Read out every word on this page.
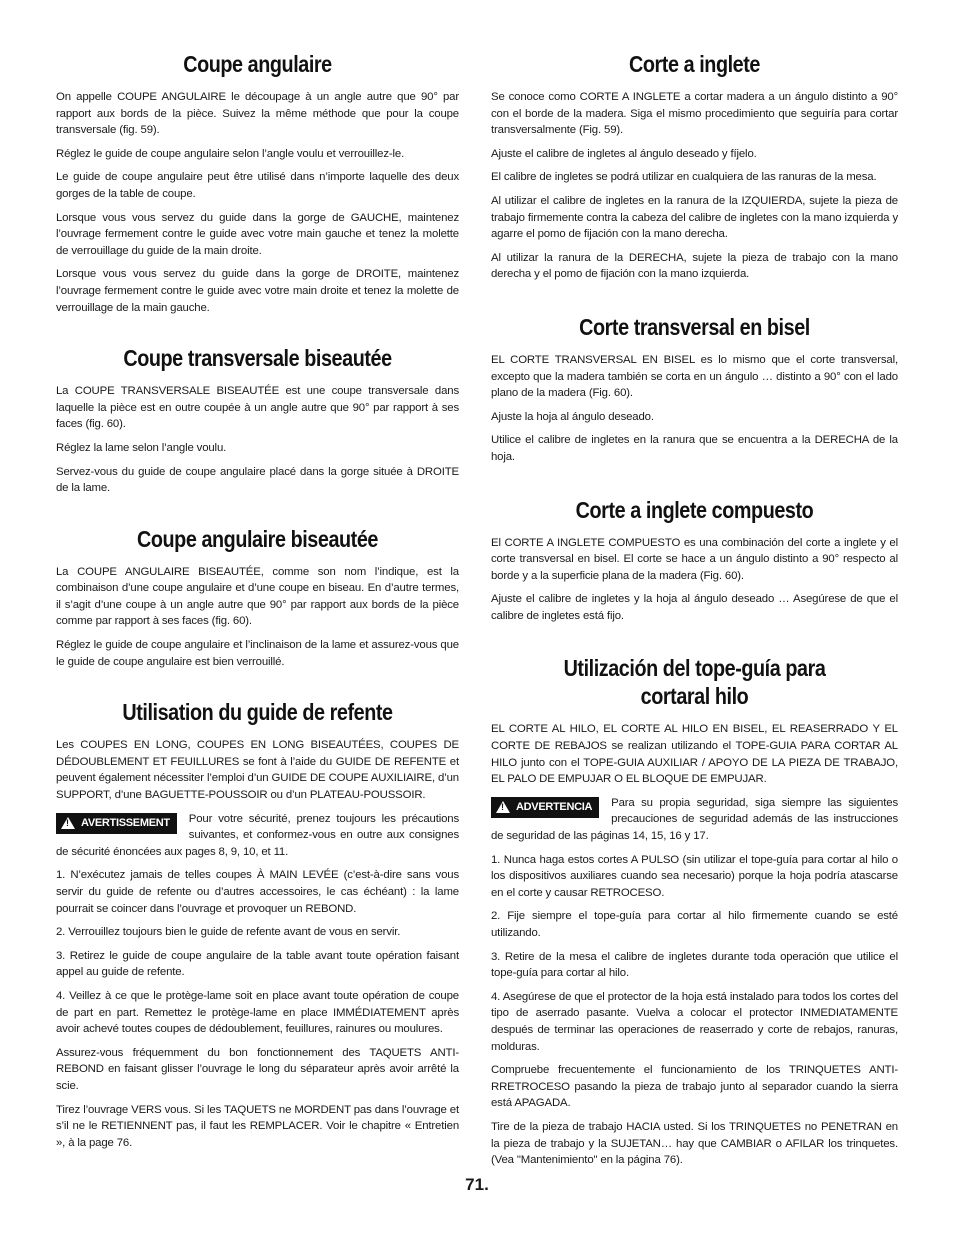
Coupe angulaire

On appelle COUPE ANGULAIRE le découpage à un angle autre que 90° par rapport aux bords de la pièce. Suivez la même méthode que pour la coupe transversale (fig. 59).

Réglez le guide de coupe angulaire selon l’angle voulu et verrouillez-le.

Le guide de coupe angulaire peut être utilisé dans n’importe laquelle des deux gorges de la table de coupe.

Lorsque vous vous servez du guide dans la gorge de GAUCHE, maintenez l’ouvrage fermement contre le guide avec votre main gauche et tenez la molette de verrouillage du guide de la main droite.

Lorsque vous vous servez du guide dans la gorge de DROITE, maintenez l’ouvrage fermement contre le guide avec votre main droite et tenez la molette de verrouillage de la main gauche.

Coupe transversale biseautée

La COUPE TRANSVERSALE BISEAUTÉE est une coupe transversale dans laquelle la pièce est en outre coupée à un angle autre que 90° par rapport à ses faces (fig. 60).

Réglez la lame selon l’angle voulu.

Servez-vous du guide de coupe angulaire placé dans la gorge située à DROITE de la lame.

Coupe angulaire biseautée

La COUPE ANGULAIRE BISEAUTÉE, comme son nom l’indique, est la combinaison d’une coupe angulaire et d’une coupe en biseau. En d’autre termes, il s’agit d’une coupe à un angle autre que 90° par rapport aux bords de la pièce comme par rapport à ses faces (fig. 60).

Réglez le guide de coupe angulaire et l’inclinaison de la lame et assurez-vous que le guide de coupe angulaire est bien verrouillé.

Utilisation du guide de refente

Les COUPES EN LONG, COUPES EN LONG BISEAUTÉES, COUPES DE DÉDOUBLEMENT ET FEUILLURES se font à l’aide du GUIDE DE REFENTE et peuvent également nécessiter l’emploi d’un GUIDE DE COUPE AUXILIAIRE, d’un SUPPORT, d’une BAGUETTE-POUSSOIR ou d’un PLATEAU-POUSSOIR.

!
AVERTISSEMENT Pour votre sécurité, prenez toujours les précautions suivantes, et conformez-vous en outre aux consignes de sécurité énoncées aux pages 8, 9, 10, et 11.

1. N’exécutez jamais de telles coupes À MAIN LEVÉE (c’est-à-dire sans vous servir du guide de refente ou d’autres accessoires, le cas échéant) : la lame pourrait se coincer dans l’ouvrage et provoquer un REBOND.

2. Verrouillez toujours bien le guide de refente avant de vous en servir.

3. Retirez le guide de coupe angulaire de la table avant toute opération faisant appel au guide de refente.

4. Veillez à ce que le protège-lame soit en place avant toute opération de coupe de part en part. Remettez le protège-lame en place IMMÉDIATEMENT après avoir achevé toutes coupes de dédoublement, feuillures, rainures ou moulures.

Assurez-vous fréquemment du bon fonctionnement des TAQUETS ANTI-REBOND en faisant glisser l’ouvrage le long du séparateur après avoir arrêté la scie.

Tirez l’ouvrage VERS vous. Si les TAQUETS ne MORDENT pas dans l’ouvrage et s’il ne le RETIENNENT pas, il faut les REMPLACER. Voir le chapitre « Entretien », à la page 76.

Corte a inglete

Se conoce como CORTE A INGLETE a cortar madera a un ángulo distinto a 90° con el borde de la madera. Siga el mismo procedimiento que seguiría para cortar transversalmente (Fig. 59).

Ajuste el calibre de ingletes al ángulo deseado y fíjelo.

El calibre de ingletes se podrá utilizar en cualquiera de las ranuras de la mesa.

Al utilizar el calibre de ingletes en la ranura de la IZQUIERDA, sujete la pieza de trabajo firmemente contra la cabeza del calibre de ingletes con la mano izquierda y agarre el pomo de fijación con la mano derecha.

Al utilizar la ranura de la DERECHA, sujete la pieza de trabajo con la mano derecha y el pomo de fijación con la mano izquierda.

Corte transversal en bisel

EL CORTE TRANSVERSAL EN BISEL es lo mismo que el corte transversal, excepto que la madera también se corta en un ángulo … distinto a 90° con el lado plano de la madera (Fig. 60).

Ajuste la hoja al ángulo deseado.

Utilice el calibre de ingletes en la ranura que se encuentra a la DERECHA de la hoja.

Corte a inglete compuesto

El CORTE A INGLETE COMPUESTO es una combinación del corte a inglete y el corte transversal en bisel. El corte se hace a un ángulo distinto a 90° respecto al borde y a la superficie plana de la madera (Fig. 60).

Ajuste el calibre de ingletes y la hoja al ángulo deseado … Asegúrese de que el calibre de ingletes está fijo.

Utilización del tope-guía para
cortaral hilo

EL CORTE AL HILO, EL CORTE AL HILO EN BISEL, EL REASERRADO Y EL CORTE DE REBAJOS se realizan utilizando el TOPE-GUIA PARA CORTAR AL HILO junto con el TOPE-GUIA AUXILIAR / APOYO DE LA PIEZA DE TRABAJO, EL PALO DE EMPUJAR O EL BLOQUE DE EMPUJAR.

!
ADVERTENCIA Para su propia seguridad, siga siempre las siguientes precauciones de seguridad además de las instrucciones de seguridad de las páginas 14, 15, 16 y 17.

1. Nunca haga estos cortes A PULSO (sin utilizar el tope-guía para cortar al hilo o los dispositivos auxiliares cuando sea necesario) porque la hoja podría atascarse en el corte y causar RETROCESO.

2. Fije siempre el tope-guía para cortar al hilo firmemente cuando se esté utilizando.

3. Retire de la mesa el calibre de ingletes durante toda operación que utilice el tope-guía para cortar al hilo.

4. Asegúrese de que el protector de la hoja está instalado para todos los cortes del tipo de aserrado pasante. Vuelva a colocar el protector INMEDIATAMENTE después de terminar las operaciones de reaserrado y corte de rebajos, ranuras, molduras.

Compruebe frecuentemente el funcionamiento de los TRINQUETES ANTI-RRETROCESO pasando la pieza de trabajo junto al separador cuando la sierra está APAGADA.

Tire de la pieza de trabajo HACIA usted. Si los TRINQUETES no PENETRAN en la pieza de trabajo y la SUJETAN… hay que CAMBIAR o AFILAR los trinquetes. (Vea "Mantenimiento" en la página 76).

71.
